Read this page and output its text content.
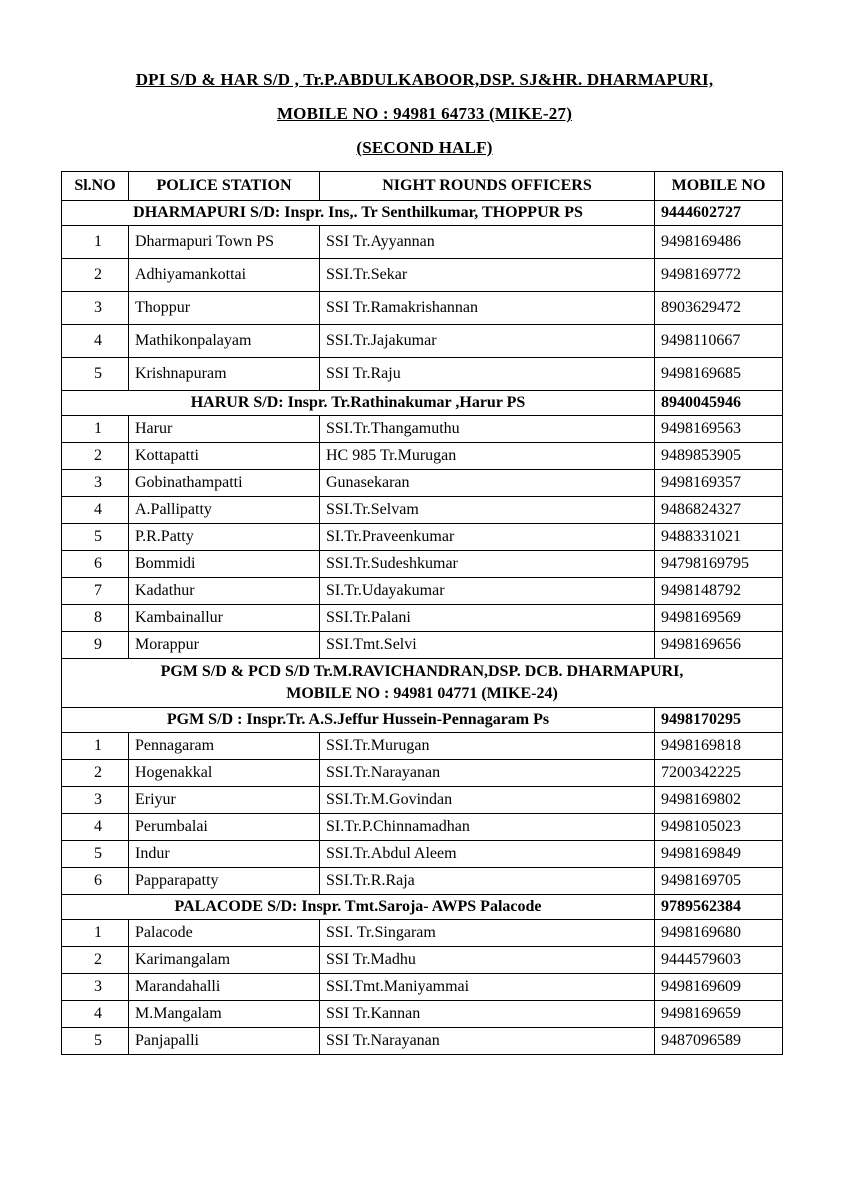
DPI S/D & HAR S/D , Tr.P.ABDULKABOOR,DSP. SJ&HR. DHARMAPURI,
MOBILE NO : 94981 64733 (MIKE-27)
(SECOND HALF)
Sl.NO	POLICE STATION	NIGHT ROUNDS OFFICERS	MOBILE NO
DHARMAPURI S/D: Inspr. Ins,. Tr Senthilkumar, THOPPUR PS			9444602727
1	Dharmapuri Town PS	SSI Tr.Ayyannan	9498169486
2	Adhiyamankottai	SSI.Tr.Sekar	9498169772
3	Thoppur	SSI Tr.Ramakrishannan	8903629472
4	Mathikonpalayam	SSI.Tr.Jajakumar	9498110667
5	Krishnapuram	SSI Tr.Raju	9498169685
HARUR S/D: Inspr. Tr.Rathinakumar ,Harur PS			8940045946
1	Harur	SSI.Tr.Thangamuthu	9498169563
2	Kottapatti	HC 985 Tr.Murugan	9489853905
3	Gobinathampatti	Gunasekaran	9498169357
4	A.Pallipatty	SSI.Tr.Selvam	9486824327
5	P.R.Patty	SI.Tr.Praveenkumar	9488331021
6	Bommidi	SSI.Tr.Sudeshkumar	94798169795
7	Kadathur	SI.Tr.Udayakumar	9498148792
8	Kambainallur	SSI.Tr.Palani	9498169569
9	Morappur	SSI.Tmt.Selvi	9498169656

PGM S/D & PCD S/D Tr.M.RAVICHANDRAN,DSP. DCB. DHARMAPURI,
MOBILE NO : 94981 04771 (MIKE-24)			

PGM S/D : Inspr.Tr. A.S.Jeffur Hussein-Pennagaram Ps			9498170295
1	Pennagaram	SSI.Tr.Murugan	9498169818
2	Hogenakkal	SSI.Tr.Narayanan	7200342225
3	Eriyur	SSI.Tr.M.Govindan	9498169802
4	Perumbalai	SI.Tr.P.Chinnamadhan	9498105023
5	Indur	SSI.Tr.Abdul Aleem	9498169849
6	Papparapatty	SSI.Tr.R.Raja	9498169705
PALACODE S/D: Inspr. Tmt.Saroja- AWPS Palacode			9789562384
1	Palacode	SSI. Tr.Singaram	9498169680
2	Karimangalam	SSI Tr.Madhu	9444579603
3	Marandahalli	SSI.Tmt.Maniyammai	9498169609
4	M.Mangalam	SSI Tr.Kannan	9498169659
5	Panjapalli	SSI Tr.Narayanan	9487096589
